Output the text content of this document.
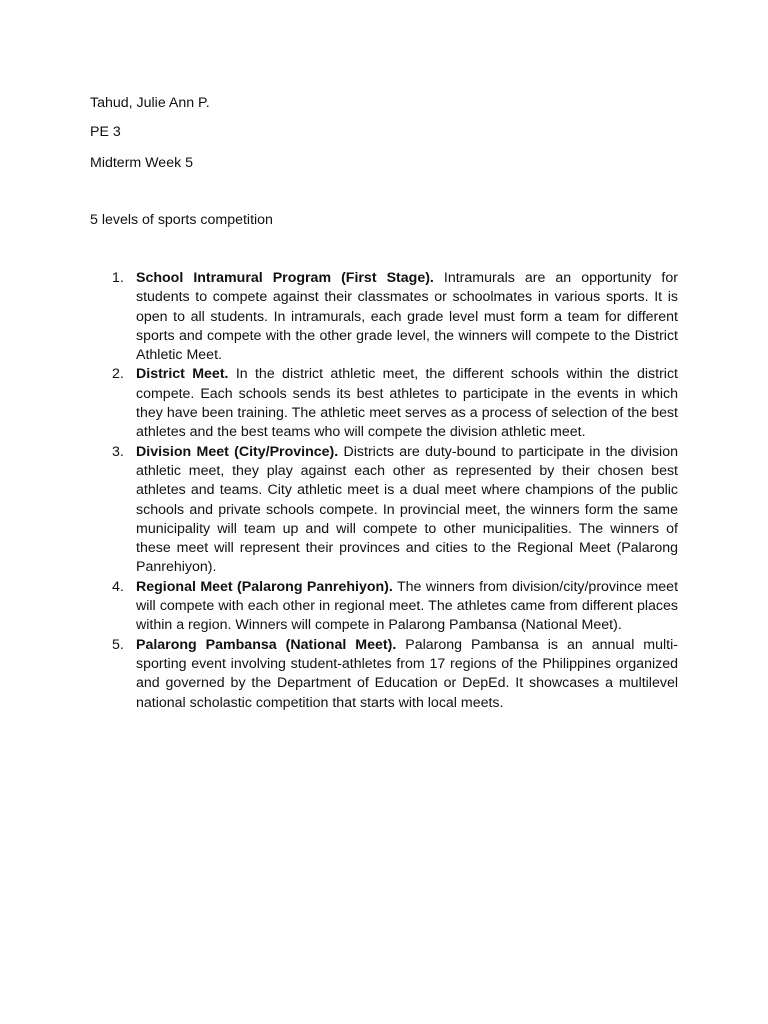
Tahud, Julie Ann P.
PE 3
Midterm Week 5
5 levels of sports competition
1. School Intramural Program (First Stage). Intramurals are an opportunity for students to compete against their classmates or schoolmates in various sports. It is open to all students. In intramurals, each grade level must form a team for different sports and compete with the other grade level, the winners will compete to the District Athletic Meet.
2. District Meet. In the district athletic meet, the different schools within the district compete. Each schools sends its best athletes to participate in the events in which they have been training. The athletic meet serves as a process of selection of the best athletes and the best teams who will compete the division athletic meet.
3. Division Meet (City/Province). Districts are duty-bound to participate in the division athletic meet, they play against each other as represented by their chosen best athletes and teams. City athletic meet is a dual meet where champions of the public schools and private schools compete. In provincial meet, the winners form the same municipality will team up and will compete to other municipalities. The winners of these meet will represent their provinces and cities to the Regional Meet (Palarong Panrehiyon).
4. Regional Meet (Palarong Panrehiyon). The winners from division/city/province meet will compete with each other in regional meet. The athletes came from different places within a region. Winners will compete in Palarong Pambansa (National Meet).
5. Palarong Pambansa (National Meet). Palarong Pambansa is an annual multi-sporting event involving student-athletes from 17 regions of the Philippines organized and governed by the Department of Education or DepEd. It showcases a multilevel national scholastic competition that starts with local meets.
